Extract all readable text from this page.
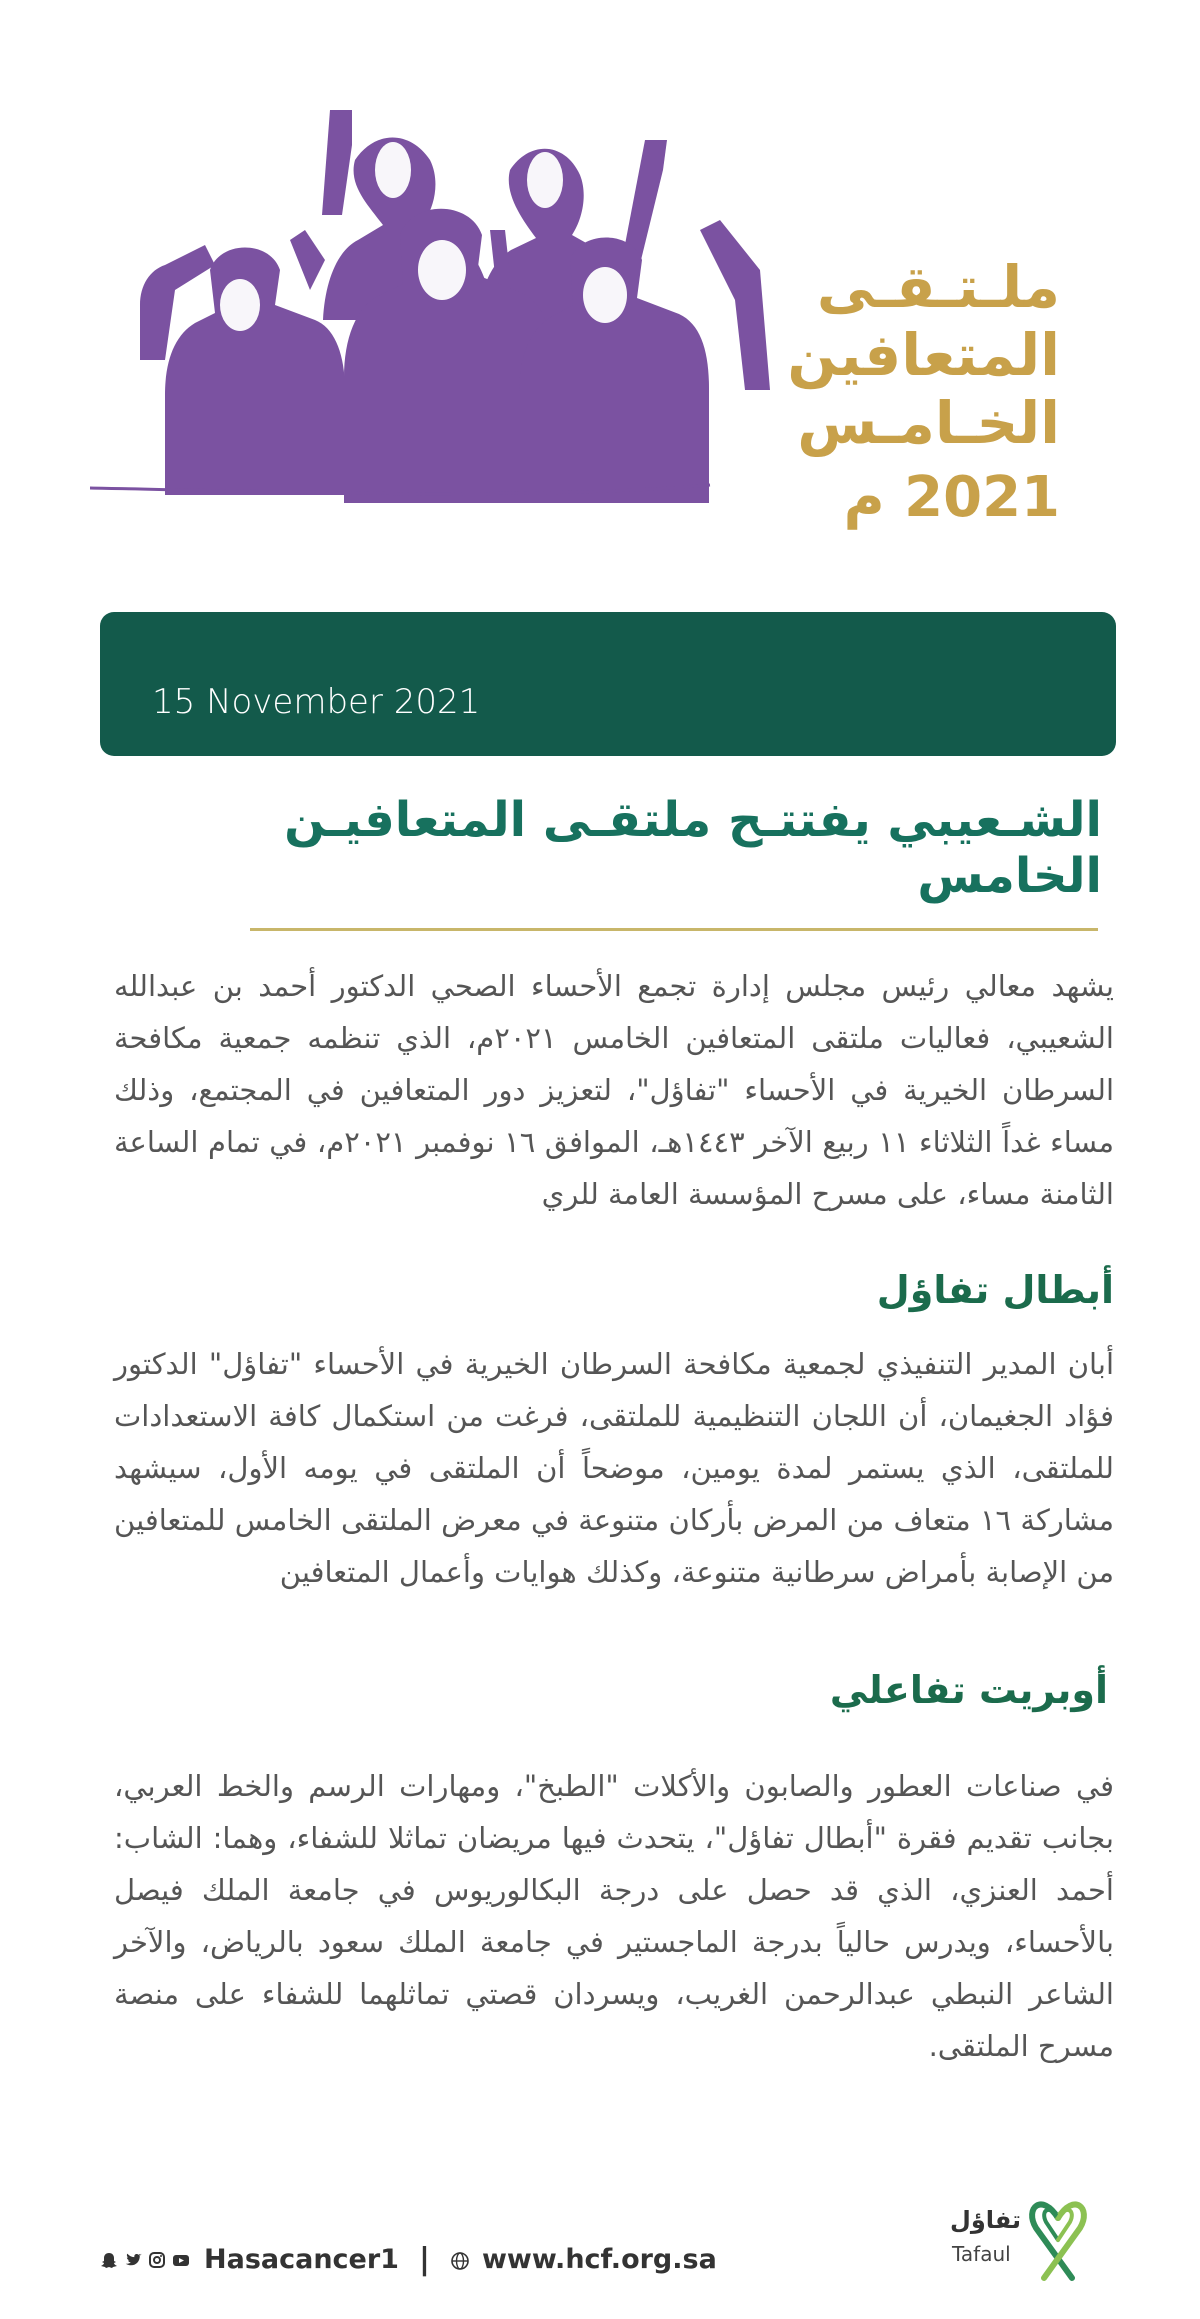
ملـتـقـى
المتعافين
الخـامـس
2021 م
15 November 2021
الشـعيبي يفتتـح ملتقـى المتعافيـن الخامس
يشهد معالي رئيس مجلس إدارة تجمع الأحساء الصحي الدكتور أحمد بن عبدالله الشعيبي، فعاليات ملتقى المتعافين الخامس ٢٠٢١م، الذي تنظمه جمعية مكافحة السرطان الخيرية في الأحساء "تفاؤل"، لتعزيز دور المتعافين في المجتمع، وذلك مساء غداً الثلاثاء ١١ ربيع الآخر ١٤٤٣هـ، الموافق ١٦ نوفمبر ٢٠٢١م، في تمام الساعة الثامنة مساء، على مسرح المؤسسة العامة للري
أبطال تفاؤل
أبان المدير التنفيذي لجمعية مكافحة السرطان الخيرية في الأحساء "تفاؤل" الدكتور فؤاد الجغيمان، أن اللجان التنظيمية للملتقى، فرغت من استكمال كافة الاستعدادات للملتقى، الذي يستمر لمدة يومين، موضحاً أن الملتقى في يومه الأول، سيشهد مشاركة ١٦ متعاف من المرض بأركان متنوعة في معرض الملتقى الخامس للمتعافين من الإصابة بأمراض سرطانية متنوعة، وكذلك هوايات وأعمال المتعافين
أوبريت تفاعلي
في صناعات العطور والصابون والأكلات "الطبخ"، ومهارات الرسم والخط العربي، بجانب تقديم فقرة "أبطال تفاؤل"، يتحدث فيها مريضان تماثلا للشفاء، وهما: الشاب: أحمد العنزي، الذي قد حصل على درجة البكالوريوس في جامعة الملك فيصل بالأحساء، ويدرس حالياً بدرجة الماجستير في جامعة الملك سعود بالرياض، والآخر الشاعر النبطي عبدالرحمن الغريب، ويسردان قصتي تماثلهما للشفاء على منصة مسرح الملتقى.
Hasacancer1 | www.hcf.org.sa
تفاؤل
Tafaul
